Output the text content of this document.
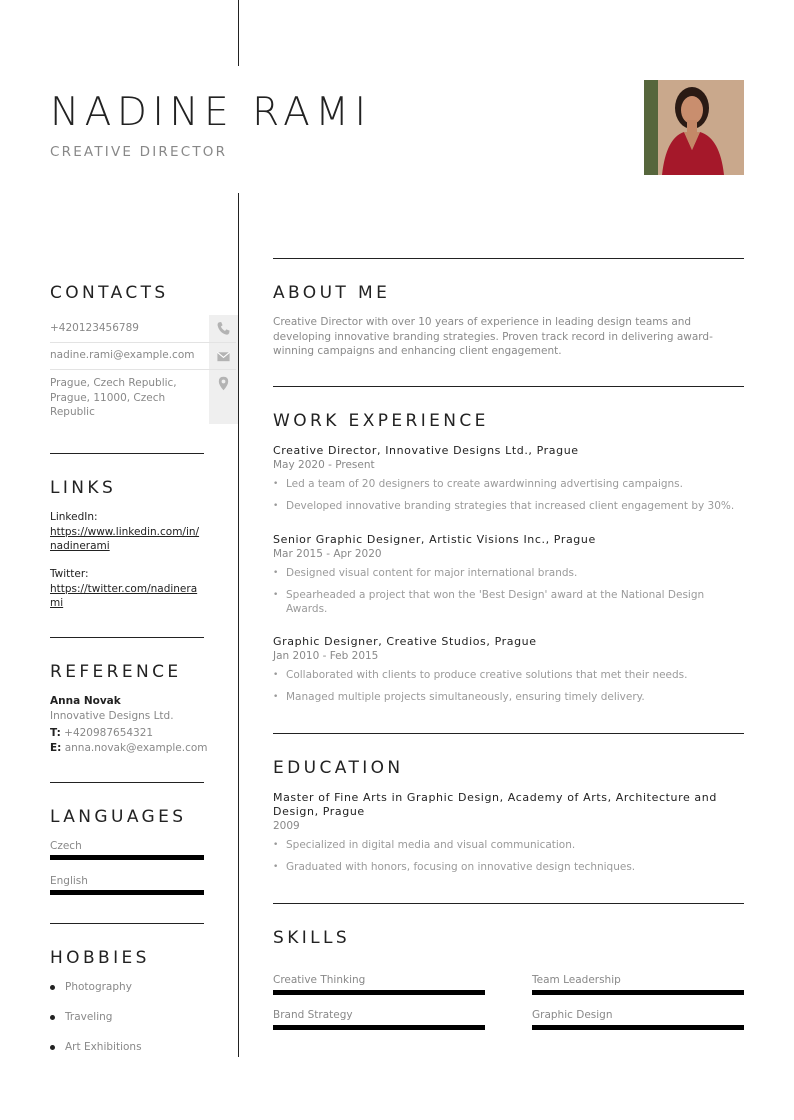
NADINE RAMI
CREATIVE DIRECTOR
CONTACTS
+420123456789
nadine.rami@example.com
Prague, Czech Republic, Prague, 11000, Czech Republic
LINKS
LinkedIn:
https://www.linkedin.com/in/nadinerami
Twitter:
https://twitter.com/nadinerami
REFERENCE
Anna Novak
Innovative Designs Ltd.
T: +420987654321
E: anna.novak@example.com
LANGUAGES
Czech
English
HOBBIES
Photography
Traveling
Art Exhibitions
ABOUT ME
Creative Director with over 10 years of experience in leading design teams and developing innovative branding strategies. Proven track record in delivering award-winning campaigns and enhancing client engagement.
WORK EXPERIENCE
Creative Director, Innovative Designs Ltd., Prague
May 2020 - Present
• Led a team of 20 designers to create awardwinning advertising campaigns.
• Developed innovative branding strategies that increased client engagement by 30%.
Senior Graphic Designer, Artistic Visions Inc., Prague
Mar 2015 - Apr 2020
• Designed visual content for major international brands.
• Spearheaded a project that won the 'Best Design' award at the National Design Awards.
Graphic Designer, Creative Studios, Prague
Jan 2010 - Feb 2015
• Collaborated with clients to produce creative solutions that met their needs.
• Managed multiple projects simultaneously, ensuring timely delivery.
EDUCATION
Master of Fine Arts in Graphic Design, Academy of Arts, Architecture and Design, Prague
2009
• Specialized in digital media and visual communication.
• Graduated with honors, focusing on innovative design techniques.
SKILLS
Creative Thinking	Team Leadership
Brand Strategy	Graphic Design
